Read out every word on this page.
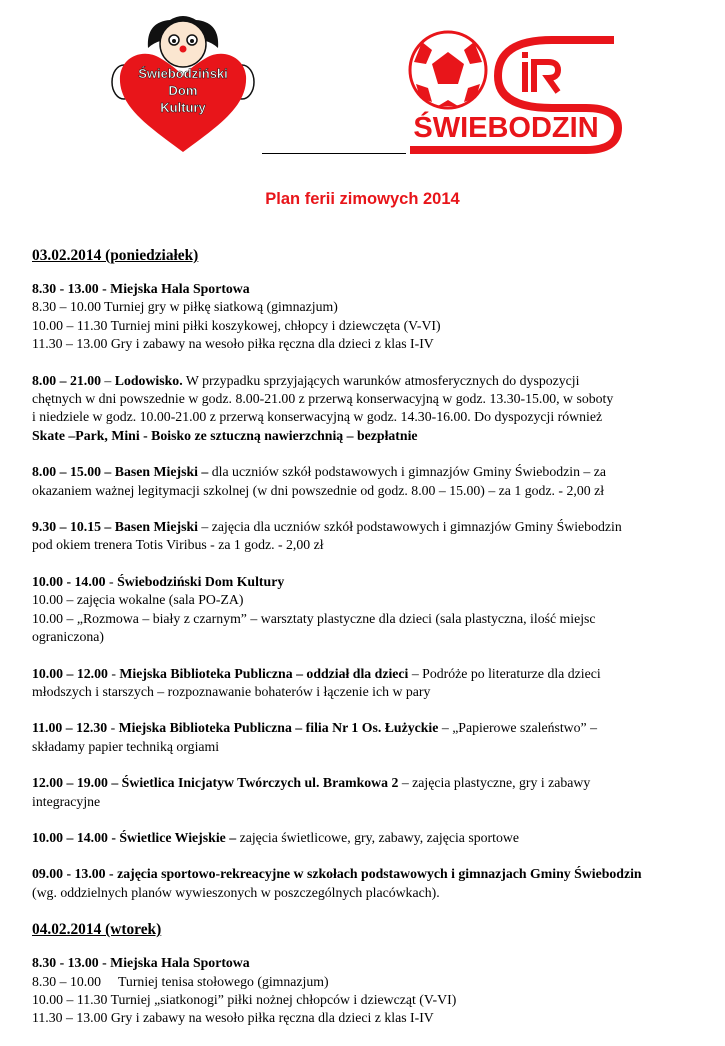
Świebodziński
Dom
Kultury
ŚWIEBODZIN
Plan ferii zimowych 2014
03.02.2014 (poniedziałek)
8.30 - 13.00 - Miejska Hala Sportowa
8.30 – 10.00 Turniej gry w piłkę siatkową (gimnazjum)
10.00 – 11.30 Turniej mini piłki koszykowej, chłopcy i dziewczęta (V-VI)
11.30 – 13.00 Gry i zabawy na wesoło piłka ręczna dla dzieci z klas I-IV
8.00 – 21.00 – Lodowisko. W przypadku sprzyjających warunków atmosferycznych do dyspozycji
chętnych w dni powszednie w godz. 8.00-21.00 z przerwą konserwacyjną w godz. 13.30-15.00, w soboty
i niedziele w godz. 10.00-21.00 z przerwą konserwacyjną w godz. 14.30-16.00. Do dyspozycji również
Skate –Park, Mini - Boisko ze sztuczną nawierzchnią – bezpłatnie
8.00 – 15.00 – Basen Miejski – dla uczniów szkół podstawowych i gimnazjów Gminy Świebodzin – za
okazaniem ważnej legitymacji szkolnej (w dni powszednie od godz. 8.00 – 15.00) – za 1 godz. - 2,00 zł
9.30 – 10.15 – Basen Miejski – zajęcia dla uczniów szkół podstawowych i gimnazjów Gminy Świebodzin
pod okiem trenera Totis Viribus - za 1 godz. - 2,00 zł
10.00 - 14.00 - Świebodziński Dom Kultury
10.00 – zajęcia wokalne (sala PO-ZA)
10.00 – „Rozmowa – biały z czarnym” – warsztaty plastyczne dla dzieci (sala plastyczna, ilość miejsc
ograniczona)
10.00 – 12.00 - Miejska Biblioteka Publiczna – oddział dla dzieci – Podróże po literaturze dla dzieci
młodszych i starszych – rozpoznawanie bohaterów i łączenie ich w pary
11.00 – 12.30 - Miejska Biblioteka Publiczna – filia Nr 1 Os. Łużyckie – „Papierowe szaleństwo” –
składamy papier techniką orgiami
12.00 – 19.00 – Świetlica Inicjatyw Twórczych ul. Bramkowa 2 – zajęcia plastyczne, gry i zabawy
integracyjne
10.00 – 14.00 - Świetlice Wiejskie – zajęcia świetlicowe, gry, zabawy, zajęcia sportowe
09.00 - 13.00 - zajęcia sportowo-rekreacyjne w szkołach podstawowych i gimnazjach Gminy Świebodzin
(wg. oddzielnych planów wywieszonych w poszczególnych placówkach).
04.02.2014 (wtorek)
8.30 - 13.00 - Miejska Hala Sportowa
8.30 – 10.00     Turniej tenisa stołowego (gimnazjum)
10.00 – 11.30 Turniej „siatkonogi” piłki nożnej chłopców i dziewcząt (V-VI)
11.30 – 13.00 Gry i zabawy na wesoło piłka ręczna dla dzieci z klas I-IV
